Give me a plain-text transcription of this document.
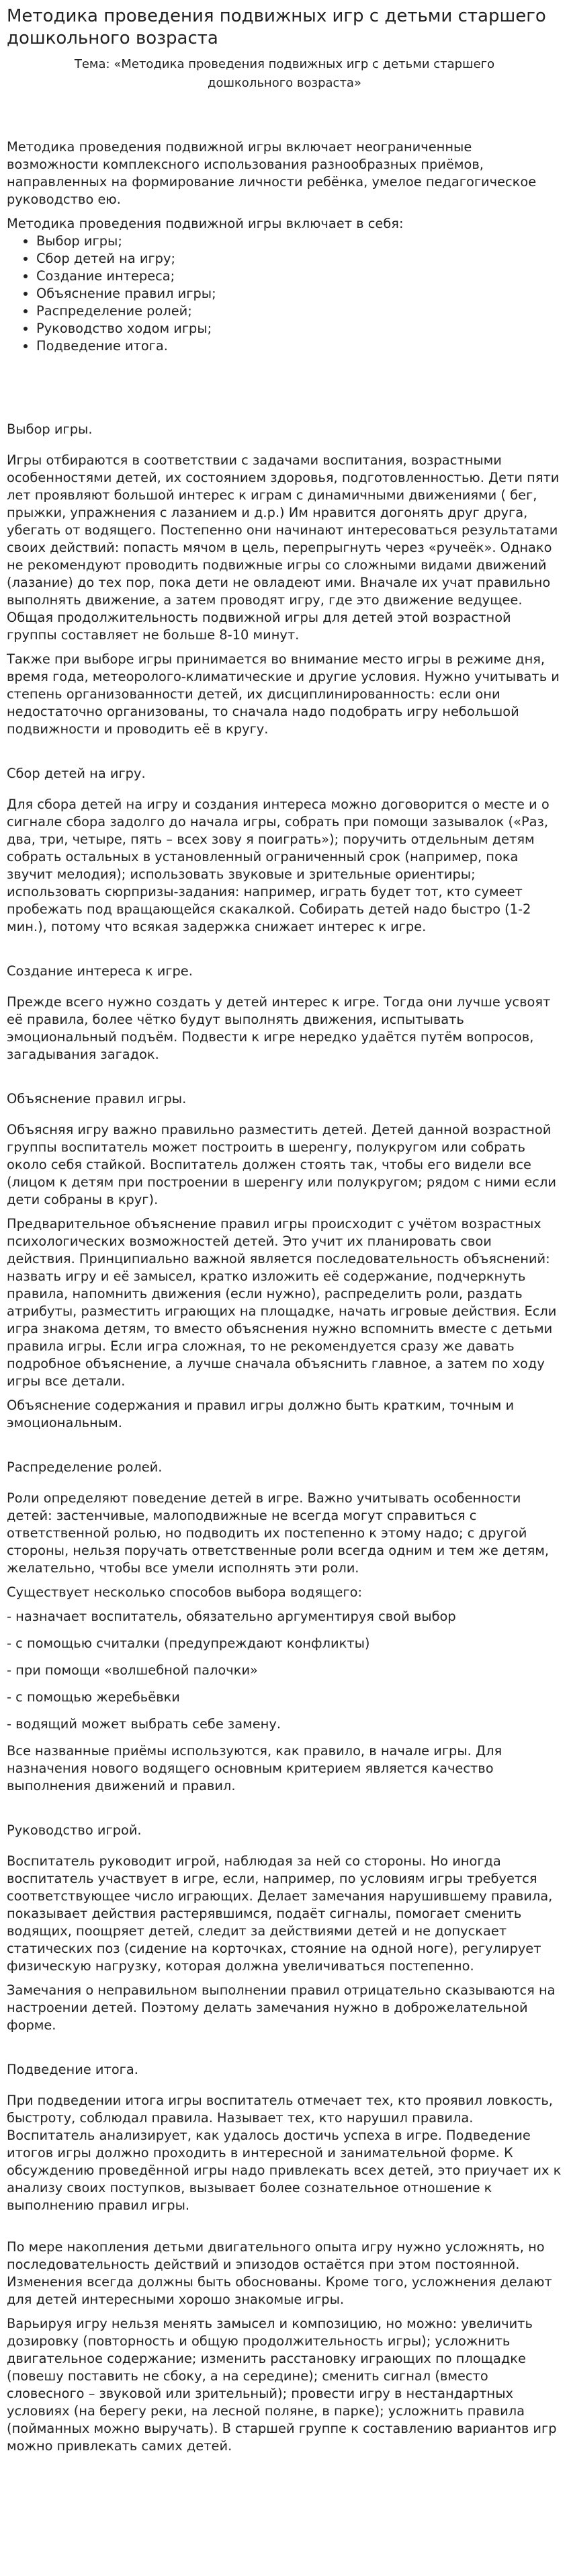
Методика проведения подвижных игр с детьми старшего дошкольного возраста

Тема: «Методика проведения подвижных игр с детьми старшего дошкольного возраста»

Методика проведения подвижной игры включает неограниченные возможности комплексного использования разнообразных приёмов, направленных на формирование личности ребёнка, умелое педагогическое руководство ею.

Методика проведения подвижной игры включает в себя:

• Выбор игры;
• Сбор детей на игру;
• Создание интереса;
• Объяснение правил игры;
• Распределение ролей;
• Руководство ходом игры;
• Подведение итога.

Выбор игры.

Игры отбираются в соответствии с задачами воспитания, возрастными особенностями детей, их состоянием здоровья, подготовленностью. Дети пяти лет проявляют большой интерес к играм с динамичными движениями ( бег, прыжки, упражнения с лазанием и д.р.) Им нравится догонять друг друга, убегать от водящего. Постепенно они начинают интересоваться результатами своих действий: попасть мячом в цель, перепрыгнуть через «ручеёк». Однако не рекомендуют проводить подвижные игры со сложными видами движений (лазание) до тех пор, пока дети не овладеют ими. Вначале их учат правильно выполнять движение, а затем проводят игру, где это движение ведущее. Общая продолжительность подвижной игры для детей этой возрастной группы составляет не больше 8-10 минут.

Также при выборе игры принимается во внимание место игры в режиме дня, время года, метеоролого-климатические и другие условия. Нужно учитывать и степень организованности детей, их дисциплинированность: если они недостаточно организованы, то сначала надо подобрать игру небольшой подвижности и проводить её в кругу.

Сбор детей на игру.

Для сбора детей на игру и создания интереса можно договорится о месте и о сигнале сбора задолго до начала игры, собрать при помощи зазывалок («Раз, два, три, четыре, пять – всех зову я поиграть»); поручить отдельным детям собрать остальных в установленный ограниченный срок (например, пока звучит мелодия); использовать звуковые и зрительные ориентиры; использовать сюрпризы-задания: например, играть будет тот, кто сумеет пробежать под вращающейся скакалкой. Собирать детей надо быстро (1-2 мин.), потому что всякая задержка снижает интерес к игре.

Создание интереса к игре.

Прежде всего нужно создать у детей интерес к игре. Тогда они лучше усвоят её правила, более чётко будут выполнять движения, испытывать эмоциональный подъём. Подвести к игре нередко удаётся путём вопросов, загадывания загадок.

Объяснение правил игры.

Объясняя игру важно правильно разместить детей. Детей данной возрастной группы воспитатель может построить в шеренгу, полукругом или собрать около себя стайкой. Воспитатель должен стоять так, чтобы его видели все (лицом к детям при построении в шеренгу или полукругом; рядом с ними если дети собраны в круг).

Предварительное объяснение правил игры происходит с учётом возрастных психологических возможностей детей. Это учит их планировать свои действия. Принципиально важной является последовательность объяснений: назвать игру и её замысел, кратко изложить её содержание, подчеркнуть правила, напомнить движения (если нужно), распределить роли, раздать атрибуты, разместить играющих на площадке, начать игровые действия. Если игра знакома детям, то вместо объяснения нужно вспомнить вместе с детьми правила игры. Если игра сложная, то не рекомендуется сразу же давать подробное объяснение, а лучше сначала объяснить главное, а затем по ходу игры все детали.

Объяснение содержания и правил игры должно быть кратким, точным и эмоциональным.

Распределение ролей.

Роли определяют поведение детей в игре. Важно учитывать особенности детей: застенчивые, малоподвижные не всегда могут справиться с ответственной ролью, но подводить их постепенно к этому надо; с другой стороны, нельзя поручать ответственные роли всегда одним и тем же детям, желательно, чтобы все умели исполнять эти роли.

Существует несколько способов выбора водящего:

- назначает воспитатель, обязательно аргументируя свой выбор

- с помощью считалки (предупреждают конфликты)

- при помощи «волшебной палочки»

- с помощью жеребьёвки

- водящий может выбрать себе замену.

Все названные приёмы используются, как правило, в начале игры. Для назначения нового водящего основным критерием является качество выполнения движений и правил.

Руководство игрой.

Воспитатель руководит игрой, наблюдая за ней со стороны. Но иногда воспитатель участвует в игре, если, например, по условиям игры требуется соответствующее число играющих. Делает замечания нарушившему правила, показывает действия растерявшимся, подаёт сигналы, помогает сменить водящих, поощряет детей, следит за действиями детей и не допускает статических поз (сидение на корточках, стояние на одной ноге), регулирует физическую нагрузку, которая должна увеличиваться постепенно.

Замечания о неправильном выполнении правил отрицательно сказываются на настроении детей. Поэтому делать замечания нужно в доброжелательной форме.

Подведение итога.

При подведении итога игры воспитатель отмечает тех, кто проявил ловкость, быстроту, соблюдал правила. Называет тех, кто нарушил правила. Воспитатель анализирует, как удалось достичь успеха в игре. Подведение итогов игры должно проходить в интересной и занимательной форме. К обсуждению проведённой игры надо привлекать всех детей, это приучает их к анализу своих поступков, вызывает более сознательное отношение к выполнению правил игры.

По мере накопления детьми двигательного опыта игру нужно усложнять, но последовательность действий и эпизодов остаётся при этом постоянной. Изменения всегда должны быть обоснованы. Кроме того, усложнения делают для детей интересными хорошо знакомые игры.

Варьируя игру нельзя менять замысел и композицию, но можно: увеличить дозировку (повторность и общую продолжительность игры); усложнить двигательное содержание; изменить расстановку играющих по площадке (повешу поставить не сбоку, а на середине); сменить сигнал (вместо словесного – звуковой или зрительный); провести игру в нестандартных условиях (на берегу реки, на лесной поляне, в парке); усложнить правила (пойманных можно выручать). В старшей группе к составлению вариантов игр можно привлекать самих детей.
